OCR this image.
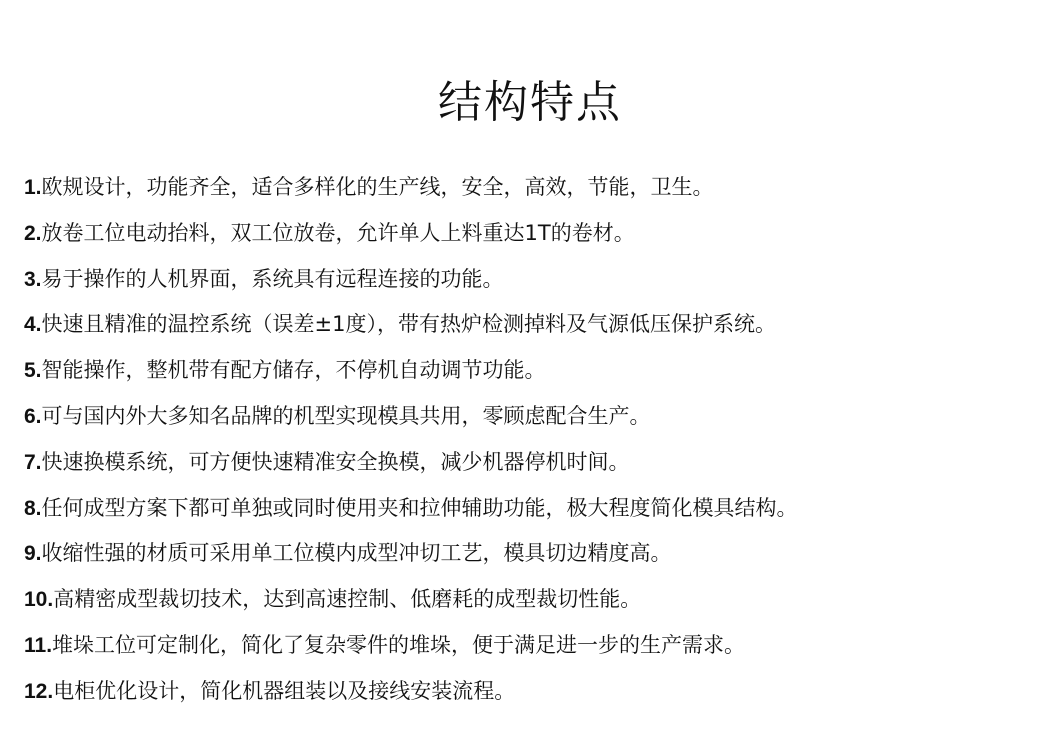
结构特点
1.欧规设计，功能齐全，适合多样化的生产线，安全，高效，节能，卫生。
2.放卷工位电动抬料，双工位放卷，允许单人上料重达1T的卷材。
3.易于操作的人机界面，系统具有远程连接的功能。
4.快速且精准的温控系统（误差±1度），带有热炉检测掉料及气源低压保护系统。
5.智能操作，整机带有配方储存，不停机自动调节功能。
6.可与国内外大多知名品牌的机型实现模具共用，零顾虑配合生产。
7.快速换模系统，可方便快速精准安全换模，减少机器停机时间。
8.任何成型方案下都可单独或同时使用夹和拉伸辅助功能，极大程度简化模具结构。
9.收缩性强的材质可采用单工位模内成型冲切工艺，模具切边精度高。
10.高精密成型裁切技术，达到高速控制、低磨耗的成型裁切性能。
11.堆垛工位可定制化，简化了复杂零件的堆垛，便于满足进一步的生产需求。
12.电柜优化设计，简化机器组装以及接线安装流程。
